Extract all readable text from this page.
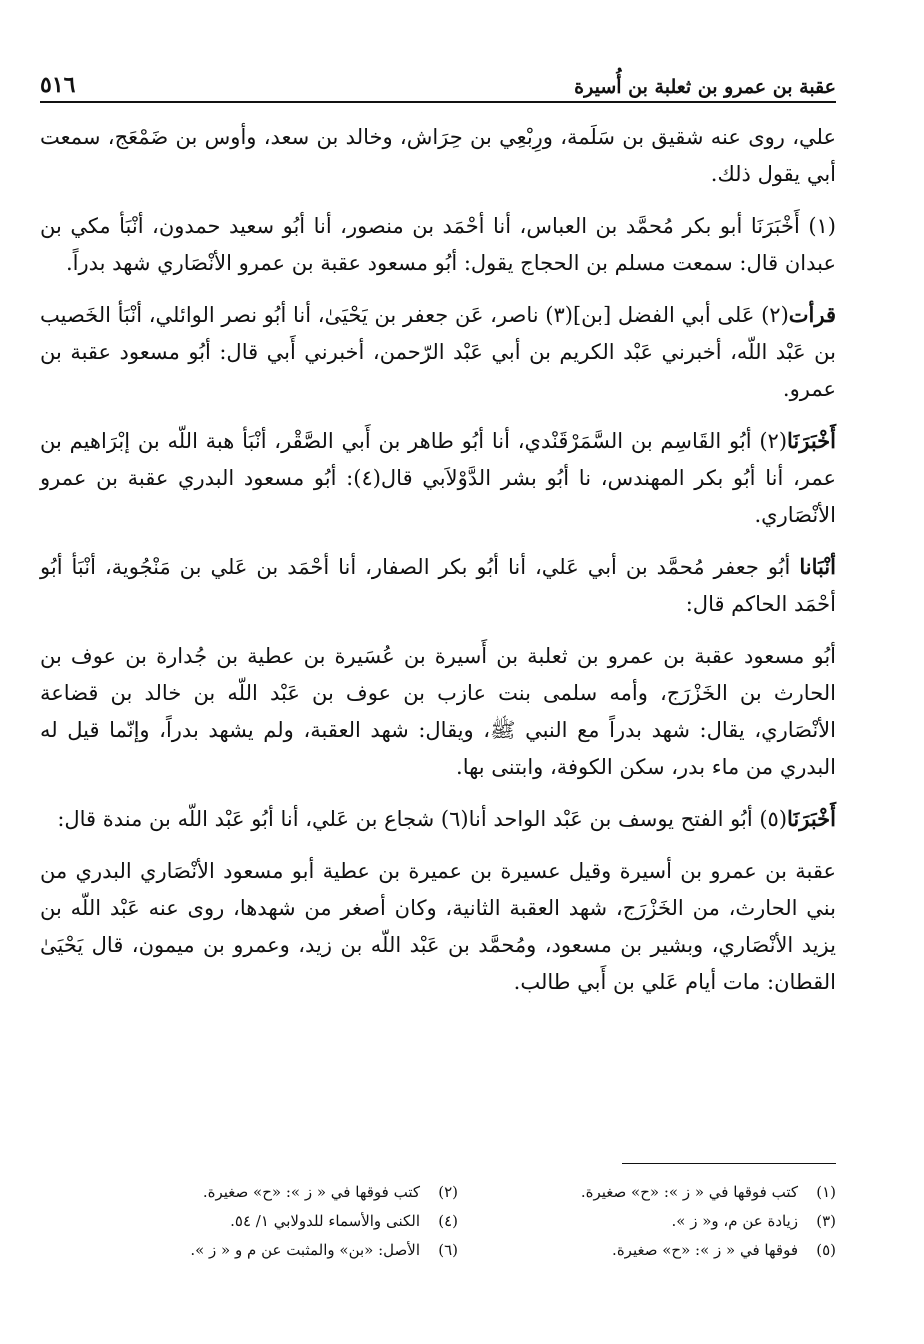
عقبة بن عمرو بن ثعلبة بن أُسيرة
٥١٦

علي، روى عنه شقيق بن سَلَمة، ورِبْعِي بن حِرَاش، وخالد بن سعد، وأوس بن ضَمْعَج، سمعت أبي يقول ذلك.

(١) أَخْبَرَنَا أبو بكر مُحمَّد بن العباس، أنا أحْمَد بن منصور، أنا أبُو سعيد حمدون، أنْبَأ مكي بن عبدان قال: سمعت مسلم بن الحجاج يقول: أبُو مسعود عقبة بن عمرو الأنْصَاري شهد بدراً.

قرأت(٢) عَلى أبي الفضل [بن](٣) ناصر، عَن جعفر بن يَحْيَىٰ، أنا أبُو نصر الوائلي، أنْبَأ الخَصيب بن عَبْد اللّه، أخبرني عَبْد الكريم بن أبي عَبْد الرّحمن، أخبرني أَبي قال: أبُو مسعود عقبة بن عمرو.

أَخْبَرَنَا(٢) أبُو القَاسِم بن السَّمَرْقَنْدي، أنا أبُو طاهر بن أَبي الصَّقْر، أنْبَأ هبة اللّه بن إبْرَاهيم بن عمر، أنا أبُو بكر المهندس، نا أبُو بشر الدَّوْلاَبي قال(٤): أبُو مسعود البدري عقبة بن عمرو الأنْصَاري.

أنْبَانا أبُو جعفر مُحمَّد بن أبي عَلي، أنا أبُو بكر الصفار، أنا أحْمَد بن عَلي بن مَنْجُوية، أنْبَأ أبُو أحْمَد الحاكم قال:

أبُو مسعود عقبة بن عمرو بن ثعلبة بن أَسيرة بن عُسَيرة بن عطية بن جُدارة بن عوف بن الحارث بن الخَزْرَج، وأمه سلمى بنت عازب بن عوف بن عَبْد اللّه بن خالد بن قضاعة الأنْصَاري، يقال: شهد بدراً مع النبي ﷺ، ويقال: شهد العقبة، ولم يشهد بدراً، وإنّما قيل له البدري من ماء بدر، سكن الكوفة، وابتنى بها.

أَخْبَرَنَا(٥) أبُو الفتح يوسف بن عَبْد الواحد أنا(٦) شجاع بن عَلي، أنا أبُو عَبْد اللّه بن مندة قال:

عقبة بن عمرو بن أسيرة وقيل عسيرة بن عميرة بن عطية أبو مسعود الأنْصَاري البدري من بني الحارث، من الخَزْرَج، شهد العقبة الثانية، وكان أصغر من شهدها، روى عنه عَبْد اللّه بن يزيد الأنْصَاري، وبشير بن مسعود، ومُحمَّد بن عَبْد اللّه بن زيد، وعمرو بن ميمون، قال يَحْيَىٰ القطان: مات أيام عَلي بن أَبي طالب.

(١)كتب فوقها في « ز »: «ح» صغيرة.
(٢)كتب فوقها في « ز »: «ح» صغيرة.
(٣)زيادة عن م، و« ز ».
(٤)الكنى والأسماء للدولابي ١/ ٥٤.
(٥)فوقها في « ز »: «ح» صغيرة.
(٦)الأصل: «بن» والمثبت عن م و « ز ».
